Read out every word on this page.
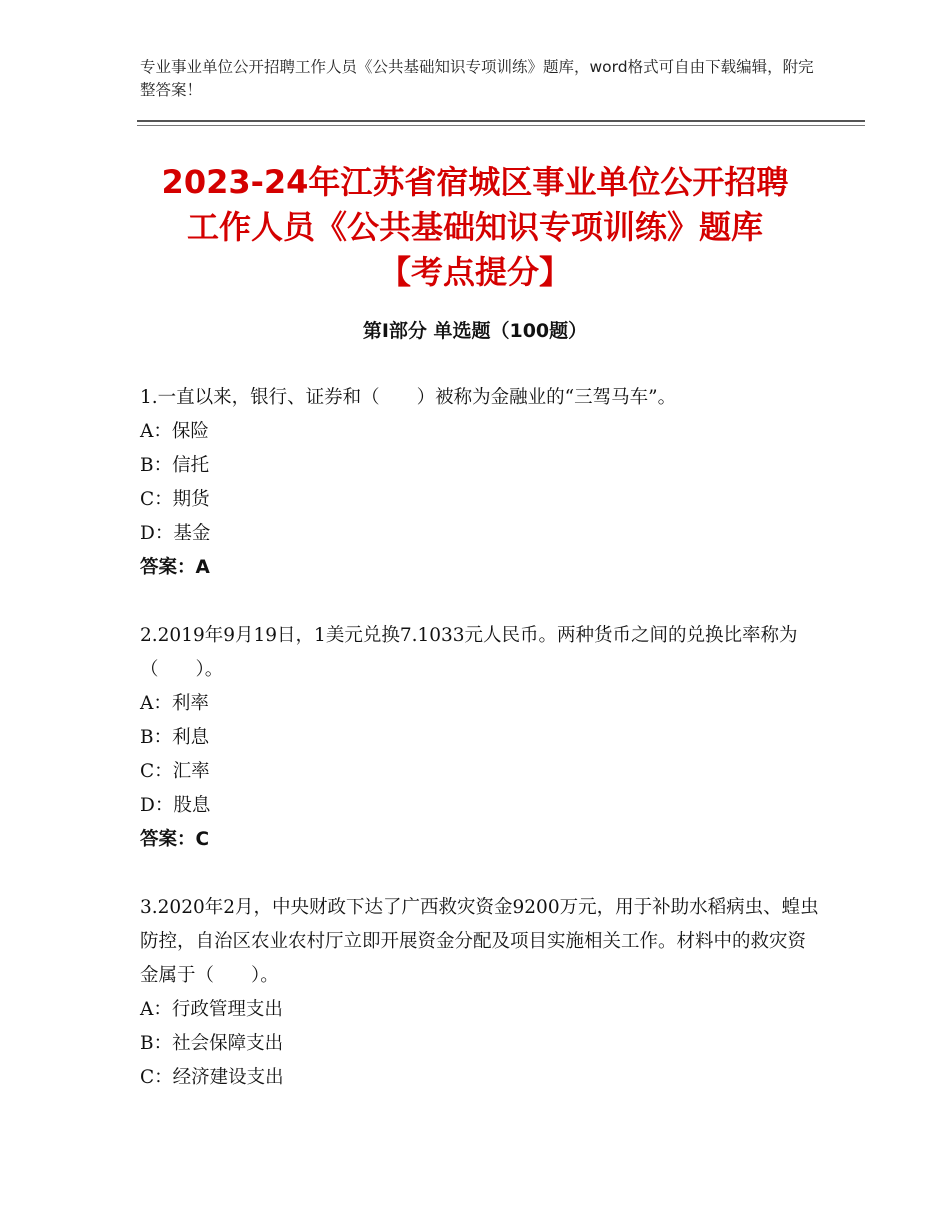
专业事业单位公开招聘工作人员《公共基础知识专项训练》题库，word格式可自由下载编辑，附完整答案！
2023-24年江苏省宿城区事业单位公开招聘
工作人员《公共基础知识专项训练》题库
【考点提分】
第Ⅰ部分 单选题（100题）

1.一直以来，银行、证券和（　　）被称为金融业的“三驾马车”。

A：保险

B：信托

C：期货

D：基金

答案：A

2.2019年9月19日，1美元兑换7.1033元人民币。两种货币之间的兑换比率称为（　　）。

A：利率

B：利息

C：汇率

D：股息

答案：C

3.2020年2月，中央财政下达了广西救灾资金9200万元，用于补助水稻病虫、蝗虫防控，自治区农业农村厅立即开展资金分配及项目实施相关工作。材料中的救灾资金属于（　　）。

A：行政管理支出

B：社会保障支出

C：经济建设支出
